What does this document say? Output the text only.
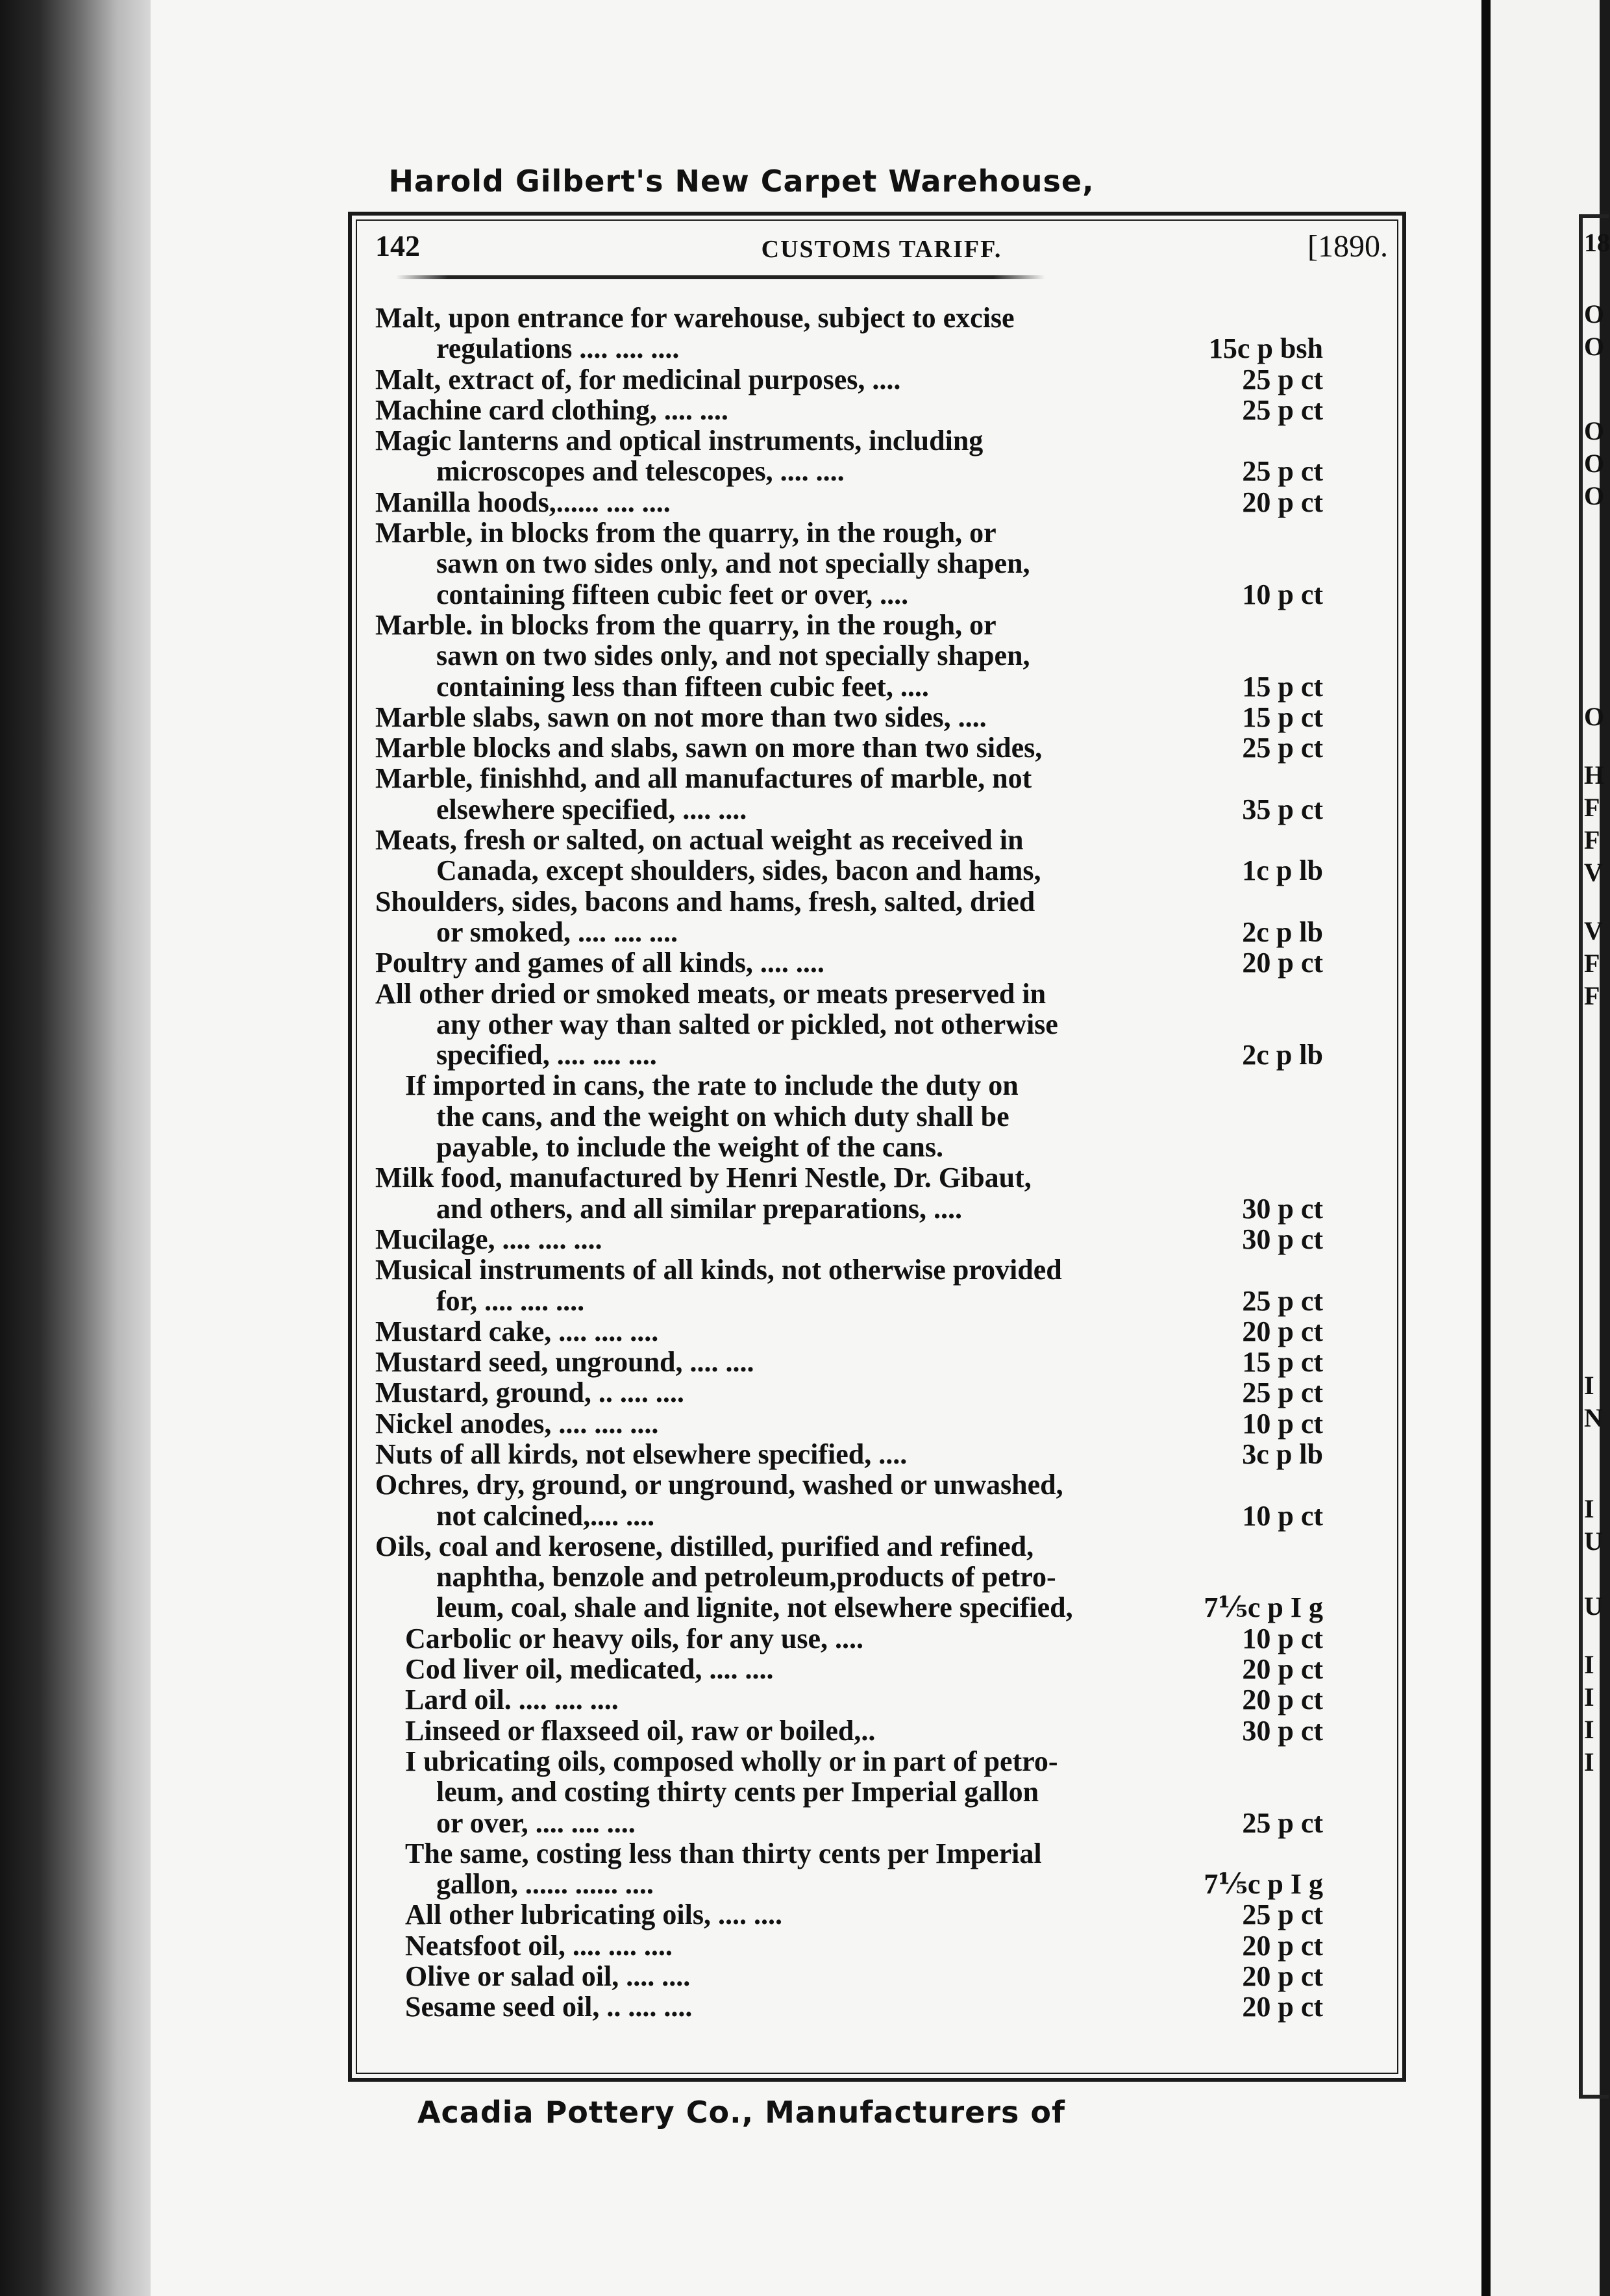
18
O
O
O
O
O
O
H
F
F
V
V
F
F
I
N
I
U
U
I
I
I
I
Harold Gilbert's New Carpet Warehouse,
142	CUSTOMS TARIFF.	[1890.
Malt, upon entrance for warehouse, subject to excise
regulations .... .... ....	15c p bsh
Malt, extract of, for medicinal purposes, ....	25 p ct
Machine card clothing, .... ....	25 p ct
Magic lanterns and optical instruments, including
microscopes and telescopes, .... ....	25 p ct
Manilla hoods,...... .... ....	20 p ct
Marble, in blocks from the quarry, in the rough, or
sawn on two sides only, and not specially shapen,
containing fifteen cubic feet or over, ....	10 p ct
Marble. in blocks from the quarry, in the rough, or
sawn on two sides only, and not specially shapen,
containing less than fifteen cubic feet, ....	15 p ct
Marble slabs, sawn on not more than two sides, ....	15 p ct
Marble blocks and slabs, sawn on more than two sides,	25 p ct
Marble, finishhd, and all manufactures of marble, not
elsewhere specified, .... ....	35 p ct
Meats, fresh or salted, on actual weight as received in
Canada, except shoulders, sides, bacon and hams,	1c p lb
Shoulders, sides, bacons and hams, fresh, salted, dried
or smoked, .... .... ....	2c p lb
Poultry and games of all kinds, .... ....	20 p ct
All other dried or smoked meats, or meats preserved in
any other way than salted or pickled, not otherwise
specified, .... .... ....	2c p lb
If imported in cans, the rate to include the duty on
the cans, and the weight on which duty shall be
payable, to include the weight of the cans.
Milk food, manufactured by Henri Nestle, Dr. Gibaut,
and others, and all similar preparations, ....	30 p ct
Mucilage, .... .... ....	30 p ct
Musical instruments of all kinds, not otherwise provided
for, .... .... ....	25 p ct
Mustard cake, .... .... ....	20 p ct
Mustard seed, unground, .... ....	15 p ct
Mustard, ground, .. .... ....	25 p ct
Nickel anodes, .... .... ....	10 p ct
Nuts of all kirds, not elsewhere specified, ....	3c p lb
Ochres, dry, ground, or unground, washed or unwashed,
not calcined,.... ....	10 p ct
Oils, coal and kerosene, distilled, purified and refined,
naphtha, benzole and petroleum,products of petro-
leum, coal, shale and lignite, not elsewhere specified,	7⅕c p I g
Carbolic or heavy oils, for any use, ....	10 p ct
Cod liver oil, medicated, .... ....	20 p ct
Lard oil. .... .... ....	20 p ct
Linseed or flaxseed oil, raw or boiled,..	30 p ct
I ubricating oils, composed wholly or in part of petro-
leum, and costing thirty cents per Imperial gallon
or over, .... .... ....	25 p ct
The same, costing less than thirty cents per Imperial
gallon, ...... ...... ....	7⅕c p I g
All other lubricating oils, .... ....	25 p ct
Neatsfoot oil, .... .... ....	20 p ct
Olive or salad oil, .... ....	20 p ct
Sesame seed oil, .. .... ....	20 p ct
Acadia Pottery Co., Manufacturers of
